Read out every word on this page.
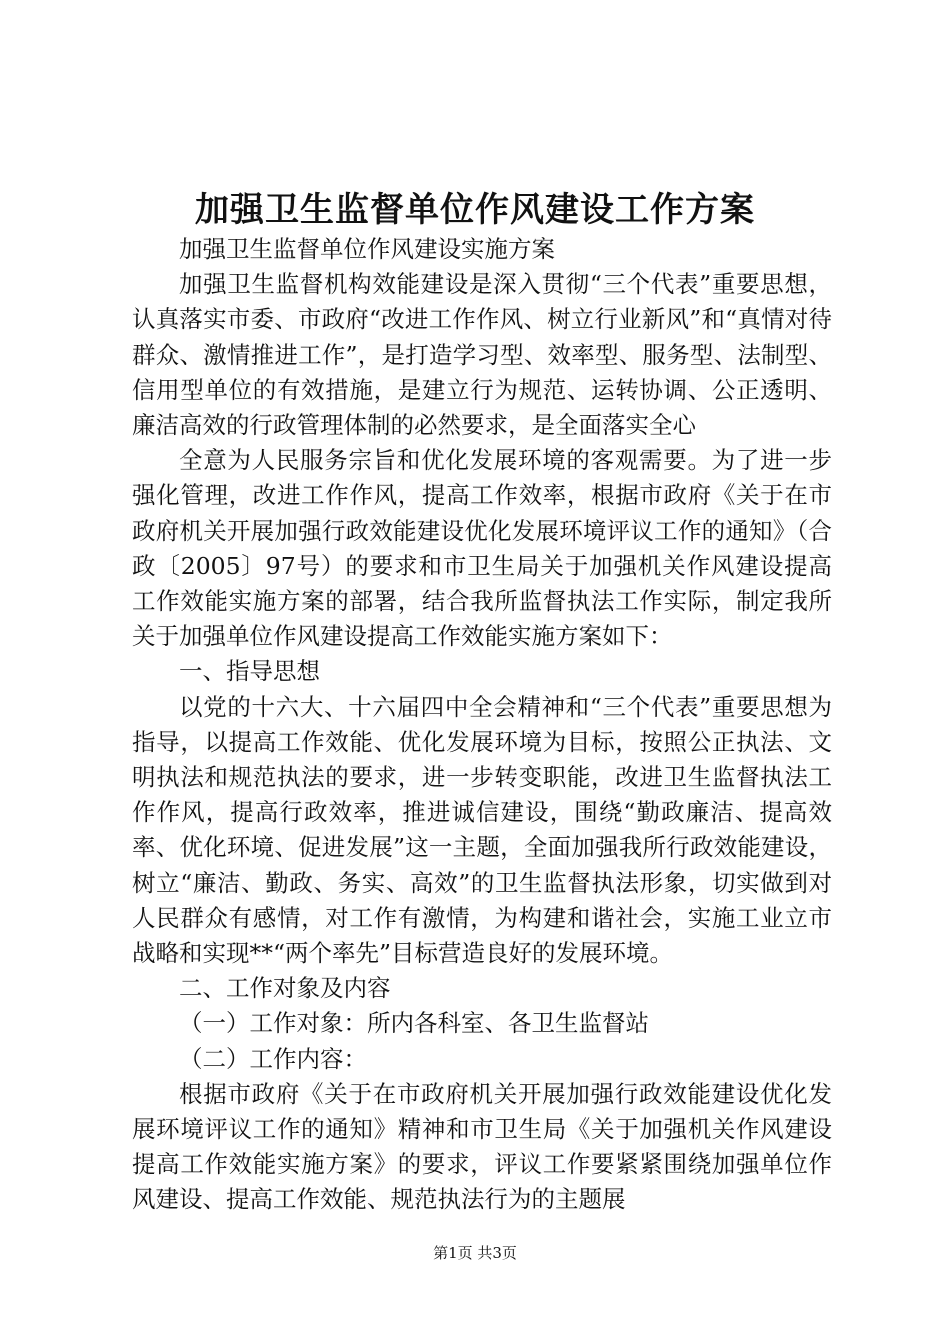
加强卫生监督单位作风建设工作方案

加强卫生监督单位作风建设实施方案

加强卫生监督机构效能建设是深入贯彻“三个代表”重要思想，认真落实市委、市政府“改进工作作风、树立行业新风”和“真情对待群众、激情推进工作”，是打造学习型、效率型、服务型、法制型、信用型单位的有效措施，是建立行为规范、运转协调、公正透明、廉洁高效的行政管理体制的必然要求，是全面落实全心

全意为人民服务宗旨和优化发展环境的客观需要。为了进一步强化管理，改进工作作风，提高工作效率，根据市政府《关于在市政府机关开展加强行政效能建设优化发展环境评议工作的通知》（合政〔2005〕97号）的要求和市卫生局关于加强机关作风建设提高工作效能实施方案的部署，结合我所监督执法工作实际，制定我所关于加强单位作风建设提高工作效能实施方案如下：

一、指导思想

以党的十六大、十六届四中全会精神和“三个代表”重要思想为指导，以提高工作效能、优化发展环境为目标，按照公正执法、文明执法和规范执法的要求，进一步转变职能，改进卫生监督执法工作作风，提高行政效率，推进诚信建设，围绕“勤政廉洁、提高效率、优化环境、促进发展”这一主题，全面加强我所行政效能建设，树立“廉洁、勤政、务实、高效”的卫生监督执法形象，切实做到对人民群众有感情，对工作有激情，为构建和谐社会，实施工业立市战略和实现**“两个率先”目标营造良好的发展环境。

二、工作对象及内容

（一）工作对象：所内各科室、各卫生监督站

（二）工作内容：

根据市政府《关于在市政府机关开展加强行政效能建设优化发展环境评议工作的通知》精神和市卫生局《关于加强机关作风建设提高工作效能实施方案》的要求，评议工作要紧紧围绕加强单位作风建设、提高工作效能、规范执法行为的主题展

第1页 共3页
